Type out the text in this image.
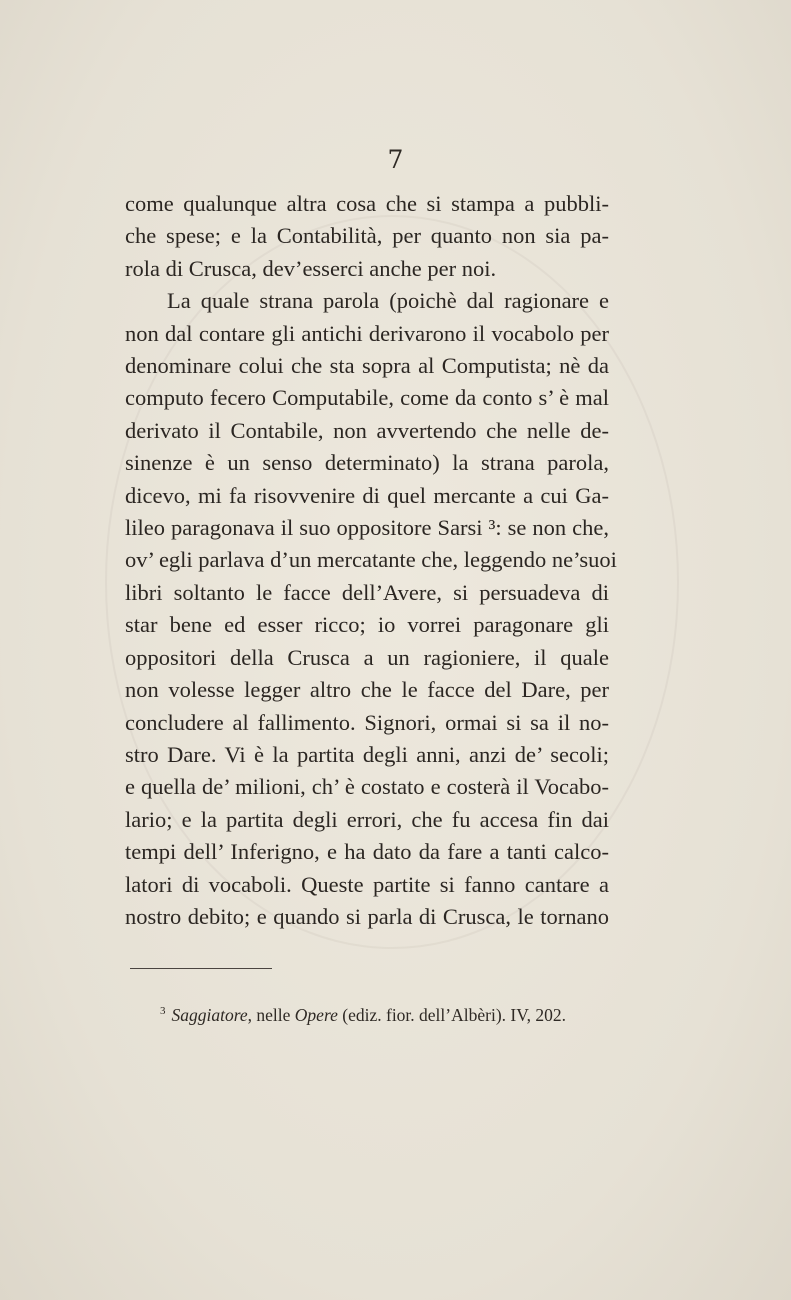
7
come qualunque altra cosa che si stampa a pubbli-
che spese; e la Contabilità, per quanto non sia pa-
rola di Crusca, dev’esserci anche per noi.
La quale strana parola (poichè dal ragionare e
non dal contare gli antichi derivarono il vocabolo per
denominare colui che sta sopra al Computista; nè da
computo fecero Computabile, come da conto s’ è mal
derivato il Contabile, non avvertendo che nelle de-
sinenze è un senso determinato) la strana parola,
dicevo, mi fa risovvenire di quel mercante a cui Ga-
lileo paragonava il suo oppositore Sarsi ³: se non che,
ov’ egli parlava d’un mercatante che, leggendo ne’suoi
libri soltanto le facce dell’Avere, si persuadeva di
star bene ed esser ricco; io vorrei paragonare gli
oppositori della Crusca a un ragioniere, il quale
non volesse legger altro che le facce del Dare, per
concludere al fallimento. Signori, ormai si sa il no-
stro Dare. Vi è la partita degli anni, anzi de’ secoli;
e quella de’ milioni, ch’ è costato e costerà il Vocabo-
lario; e la partita degli errori, che fu accesa fin dai
tempi dell’ Inferigno, e ha dato da fare a tanti calco-
latori di vocaboli. Queste partite si fanno cantare a
nostro debito; e quando si parla di Crusca, le tornano
$^3$ Saggiatore, nelle Opere (ediz. fior. dell’Albèri). IV, 202.
